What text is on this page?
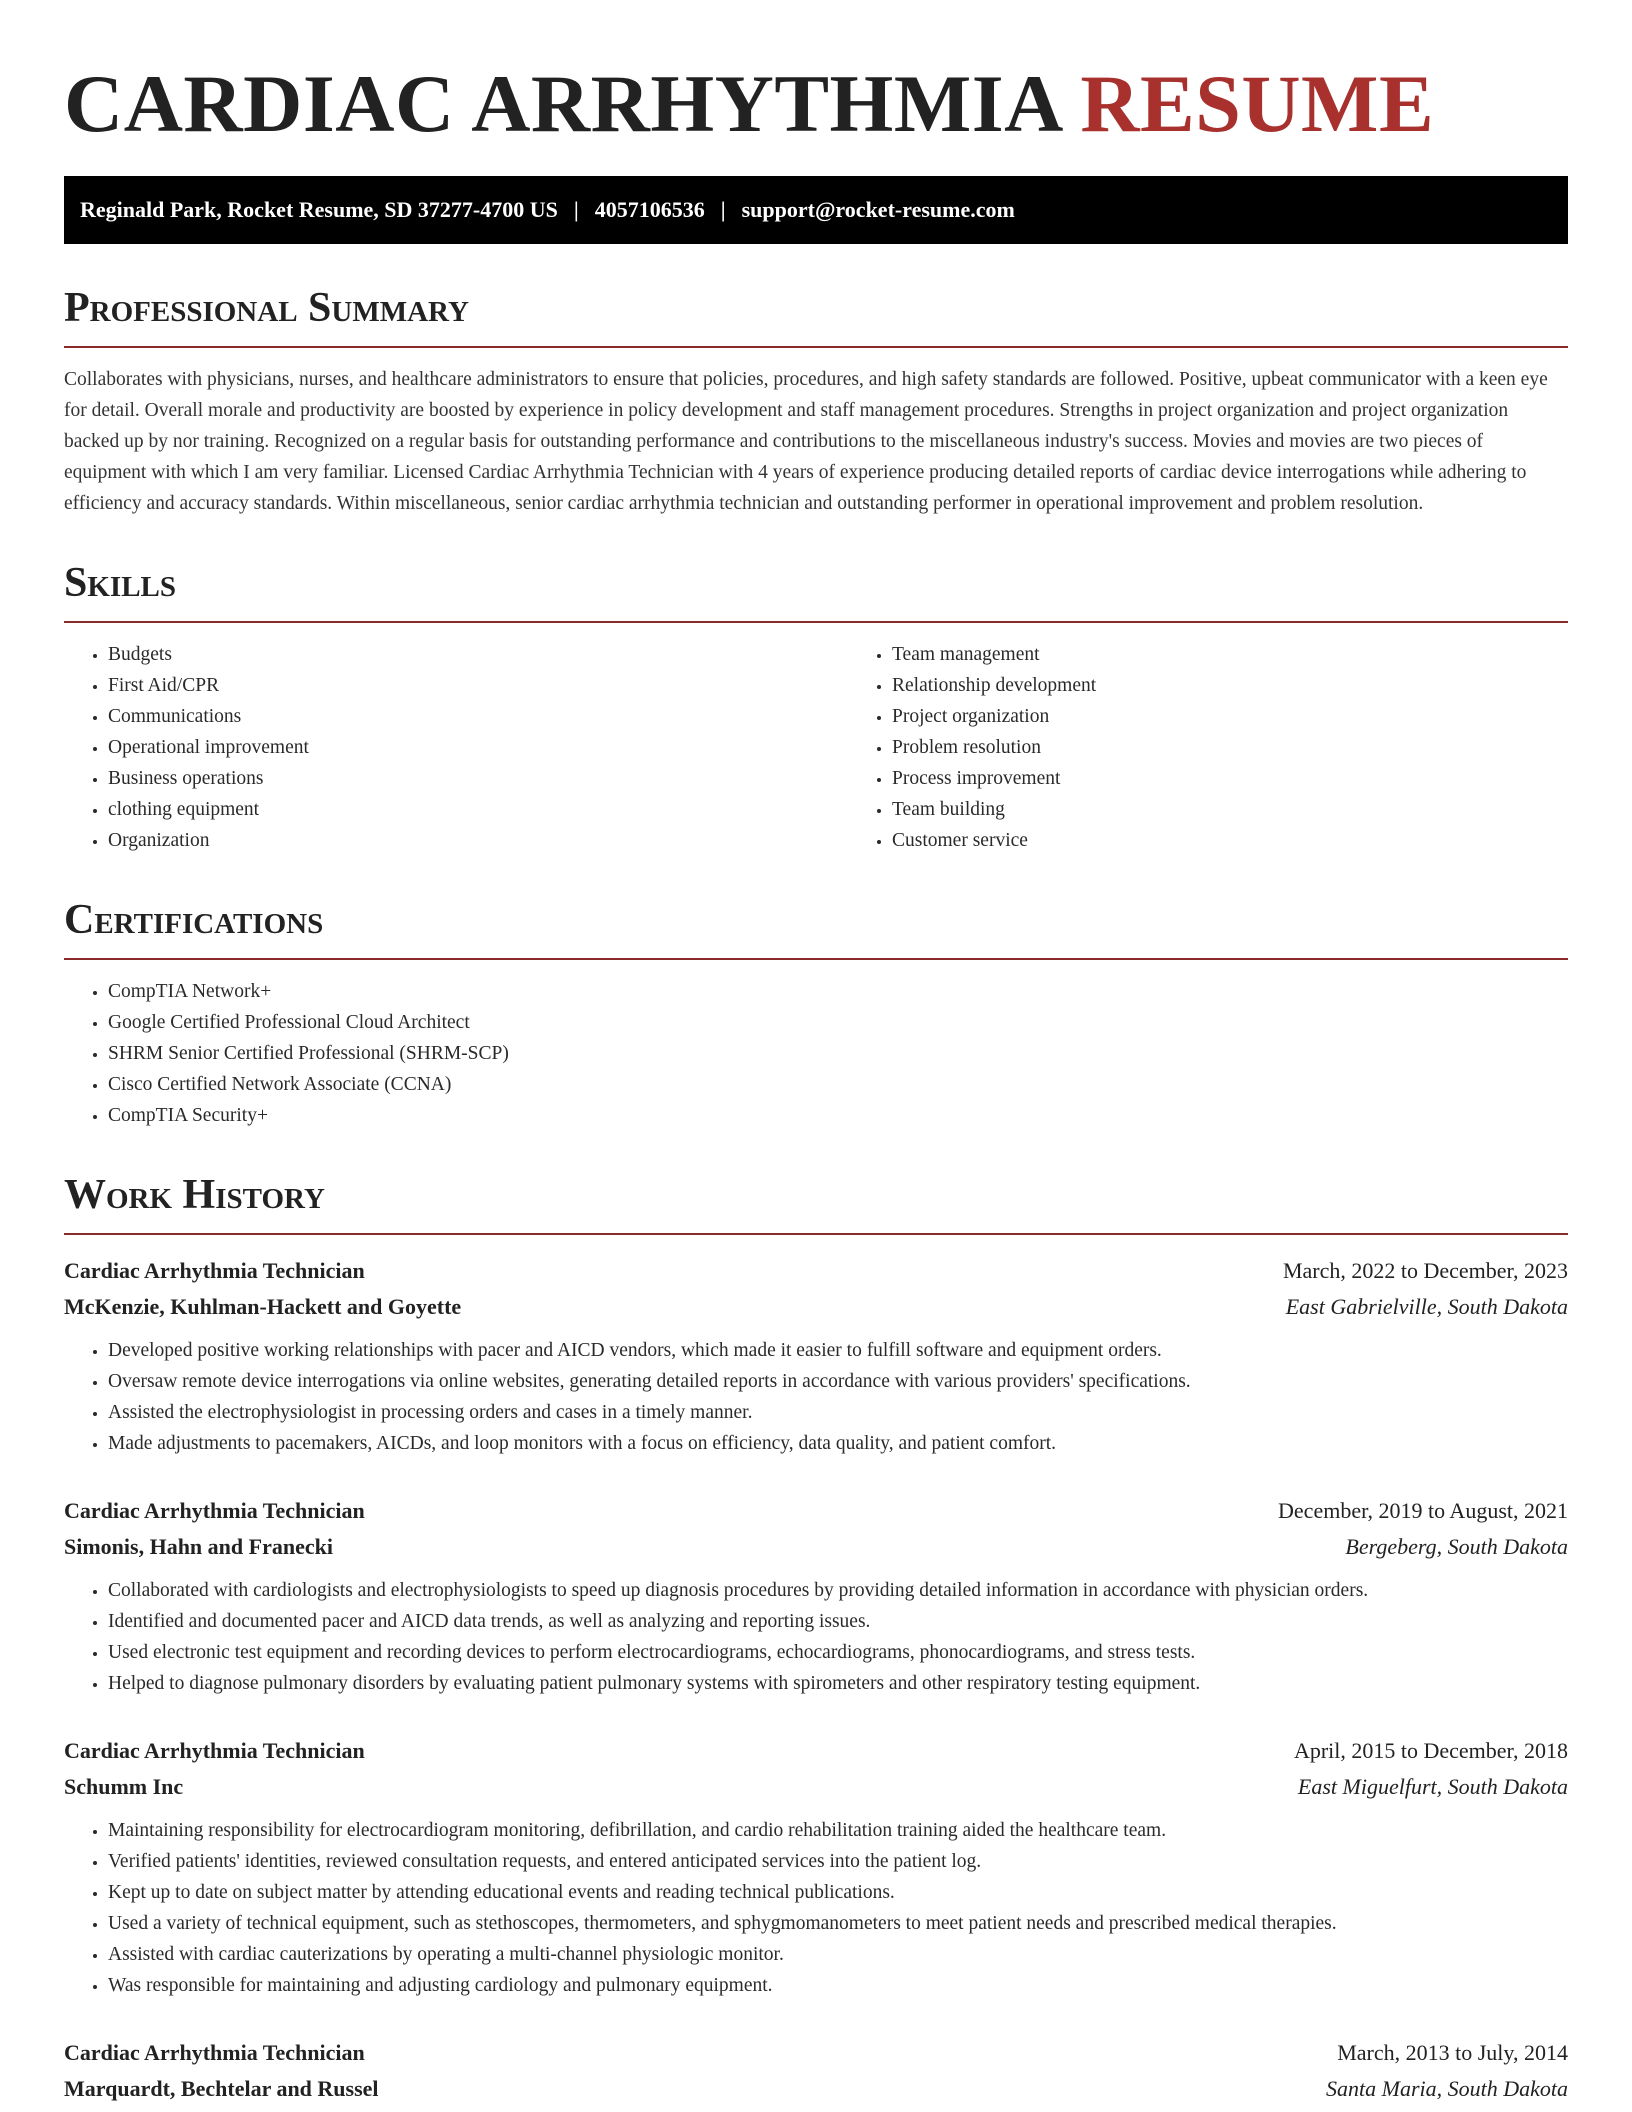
CARDIAC ARRHYTHMIA RESUME
Reginald Park, Rocket Resume, SD 37277-4700 US | 4057106536 | support@rocket-resume.com
Professional Summary

Collaborates with physicians, nurses, and healthcare administrators to ensure that policies, procedures, and high safety standards are followed. Positive, upbeat communicator with a keen eye for detail. Overall morale and productivity are boosted by experience in policy development and staff management procedures. Strengths in project organization and project organization backed up by nor training. Recognized on a regular basis for outstanding performance and contributions to the miscellaneous industry's success. Movies and movies are two pieces of equipment with which I am very familiar. Licensed Cardiac Arrhythmia Technician with 4 years of experience producing detailed reports of cardiac device interrogations while adhering to efficiency and accuracy standards. Within miscellaneous, senior cardiac arrhythmia technician and outstanding performer in operational improvement and problem resolution.

Skills
• Budgets
• First Aid/CPR
• Communications
• Operational improvement
• Business operations
• clothing equipment
• Organization
• Team management
• Relationship development
• Project organization
• Problem resolution
• Process improvement
• Team building
• Customer service
Certifications
• CompTIA Network+
• Google Certified Professional Cloud Architect
• SHRM Senior Certified Professional (SHRM-SCP)
• Cisco Certified Network Associate (CCNA)
• CompTIA Security+
Work History
Cardiac Arrhythmia Technician	March, 2022 to December, 2023
McKenzie, Kuhlman-Hackett and Goyette	East Gabrielville, South Dakota
• Developed positive working relationships with pacer and AICD vendors, which made it easier to fulfill software and equipment orders.
• Oversaw remote device interrogations via online websites, generating detailed reports in accordance with various providers' specifications.
• Assisted the electrophysiologist in processing orders and cases in a timely manner.
• Made adjustments to pacemakers, AICDs, and loop monitors with a focus on efficiency, data quality, and patient comfort.
Cardiac Arrhythmia Technician	December, 2019 to August, 2021
Simonis, Hahn and Franecki	Bergeberg, South Dakota
• Collaborated with cardiologists and electrophysiologists to speed up diagnosis procedures by providing detailed information in accordance with physician orders.
• Identified and documented pacer and AICD data trends, as well as analyzing and reporting issues.
• Used electronic test equipment and recording devices to perform electrocardiograms, echocardiograms, phonocardiograms, and stress tests.
• Helped to diagnose pulmonary disorders by evaluating patient pulmonary systems with spirometers and other respiratory testing equipment.
Cardiac Arrhythmia Technician	April, 2015 to December, 2018
Schumm Inc	East Miguelfurt, South Dakota
• Maintaining responsibility for electrocardiogram monitoring, defibrillation, and cardio rehabilitation training aided the healthcare team.
• Verified patients' identities, reviewed consultation requests, and entered anticipated services into the patient log.
• Kept up to date on subject matter by attending educational events and reading technical publications.
• Used a variety of technical equipment, such as stethoscopes, thermometers, and sphygmomanometers to meet patient needs and prescribed medical therapies.
• Assisted with cardiac cauterizations by operating a multi-channel physiologic monitor.
• Was responsible for maintaining and adjusting cardiology and pulmonary equipment.
Cardiac Arrhythmia Technician	March, 2013 to July, 2014
Marquardt, Bechtelar and Russel	Santa Maria, South Dakota
